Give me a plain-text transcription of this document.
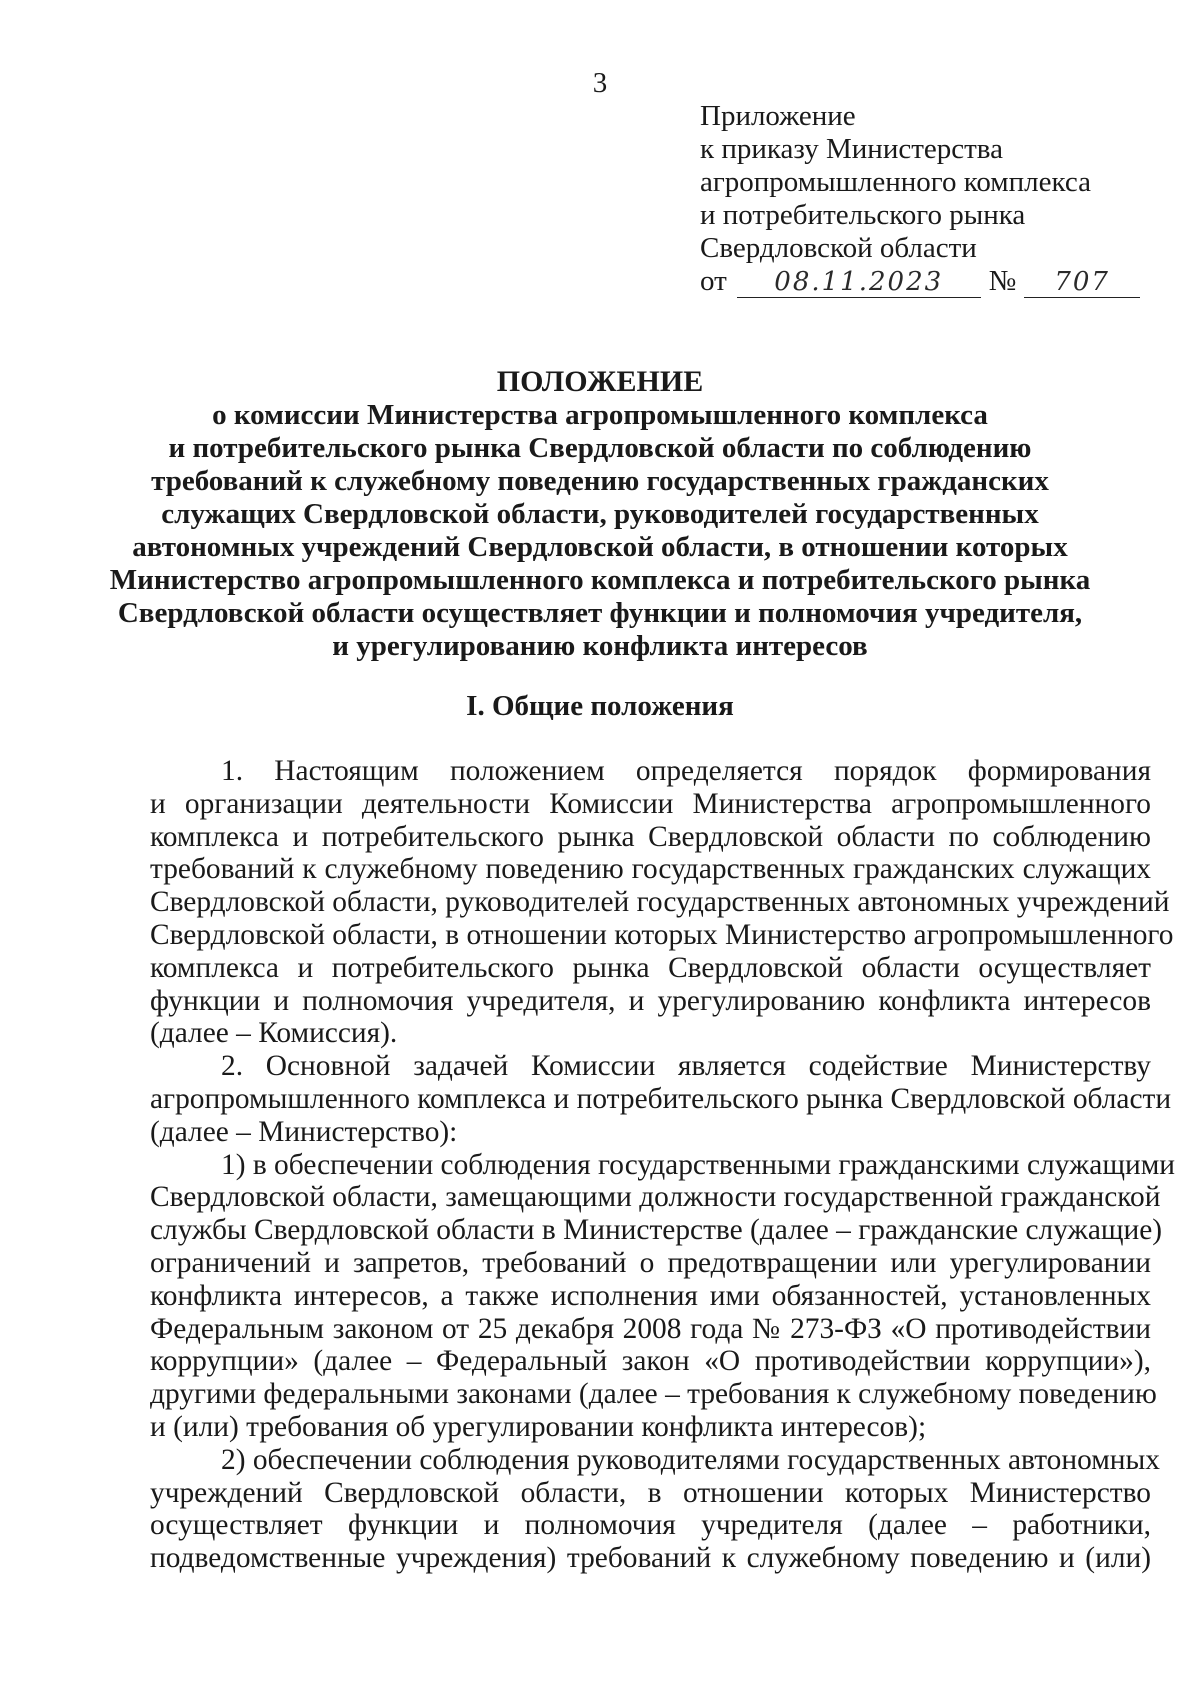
3
Приложение
к приказу Министерства
агропромышленного комплекса
и потребительского рынка
Свердловской области
от	08.11.2023	№	707
ПОЛОЖЕНИЕ
о комиссии Министерства агропромышленного комплекса
и потребительского рынка Свердловской области по соблюдению
требований к служебному поведению государственных гражданских
служащих Свердловской области, руководителей государственных
автономных учреждений Свердловской области, в отношении которых
Министерство агропромышленного комплекса и потребительского рынка
Свердловской области осуществляет функции и полномочия учредителя,
и урегулированию конфликта интересов
I. Общие положения
1. Настоящим положением определяется порядок формирования
и организации деятельности Комиссии Министерства агропромышленного
комплекса и потребительского рынка Свердловской области по соблюдению
требований к служебному поведению государственных гражданских служащих
Свердловской области, руководителей государственных автономных учреждений
Свердловской области, в отношении которых Министерство агропромышленного
комплекса и потребительского рынка Свердловской области осуществляет
функции и полномочия учредителя, и урегулированию конфликта интересов
(далее – Комиссия).
2. Основной задачей Комиссии является содействие Министерству
агропромышленного комплекса и потребительского рынка Свердловской области
(далее – Министерство):
1) в обеспечении соблюдения государственными гражданскими служащими
Свердловской области, замещающими должности государственной гражданской
службы Свердловской области в Министерстве (далее – гражданские служащие)
ограничений и запретов, требований о предотвращении или урегулировании
конфликта интересов, а также исполнения ими обязанностей, установленных
Федеральным законом от 25 декабря 2008 года № 273-ФЗ «О противодействии
коррупции» (далее – Федеральный закон «О противодействии коррупции»),
другими федеральными законами (далее – требования к служебному поведению
и (или) требования об урегулировании конфликта интересов);
2) обеспечении соблюдения руководителями государственных автономных
учреждений Свердловской области, в отношении которых Министерство
осуществляет функции и полномочия учредителя (далее – работники,
подведомственные учреждения) требований к служебному поведению и (или)
